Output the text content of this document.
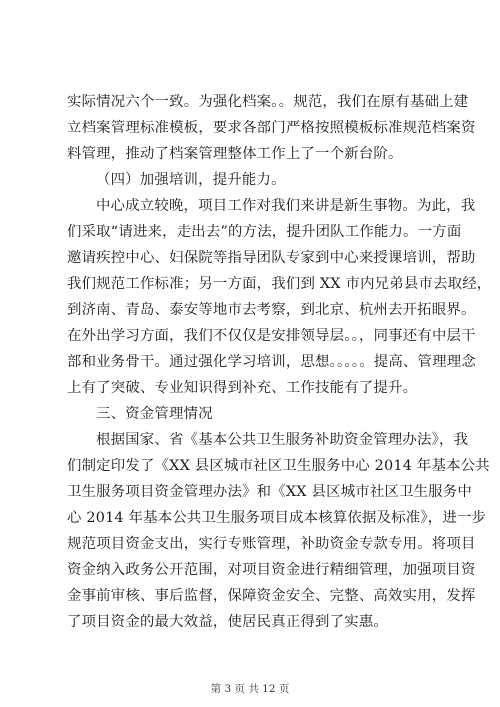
实际情况六个一致。为强化档案。。规范，我们在原有基础上建
立档案管理标准模板，要求各部门严格按照模板标准规范档案资
料管理，推动了档案管理整体工作上了一个新台阶。
（四）加强培训，提升能力。
中心成立较晚，项目工作对我们来讲是新生事物。为此，我
们采取“请进来，走出去”的方法，提升团队工作能力。一方面
邀请疾控中心、妇保院等指导团队专家到中心来授课培训，帮助
我们规范工作标准；另一方面，我们到 XX 市内兄弟县市去取经，
到济南、青岛、泰安等地市去考察，到北京、杭州去开拓眼界。
在外出学习方面，我们不仅仅是安排领导层。。，同事还有中层干
部和业务骨干。通过强化学习培训，思想。。。。。提高、管理理念
上有了突破、专业知识得到补充、工作技能有了提升。
三、资金管理情况
根据国家、省《基本公共卫生服务补助资金管理办法》，我
们制定印发了《XX 县区城市社区卫生服务中心 2014 年基本公共
卫生服务项目资金管理办法》和《XX 县区城市社区卫生服务中
心 2014 年基本公共卫生服务项目成本核算依据及标准》，进一步
规范项目资金支出，实行专账管理，补助资金专款专用。将项目
资金纳入政务公开范围，对项目资金进行精细管理，加强项目资
金事前审核、事后监督，保障资金安全、完整、高效实用，发挥
了项目资金的最大效益，使居民真正得到了实惠。
第 3 页 共 12 页
